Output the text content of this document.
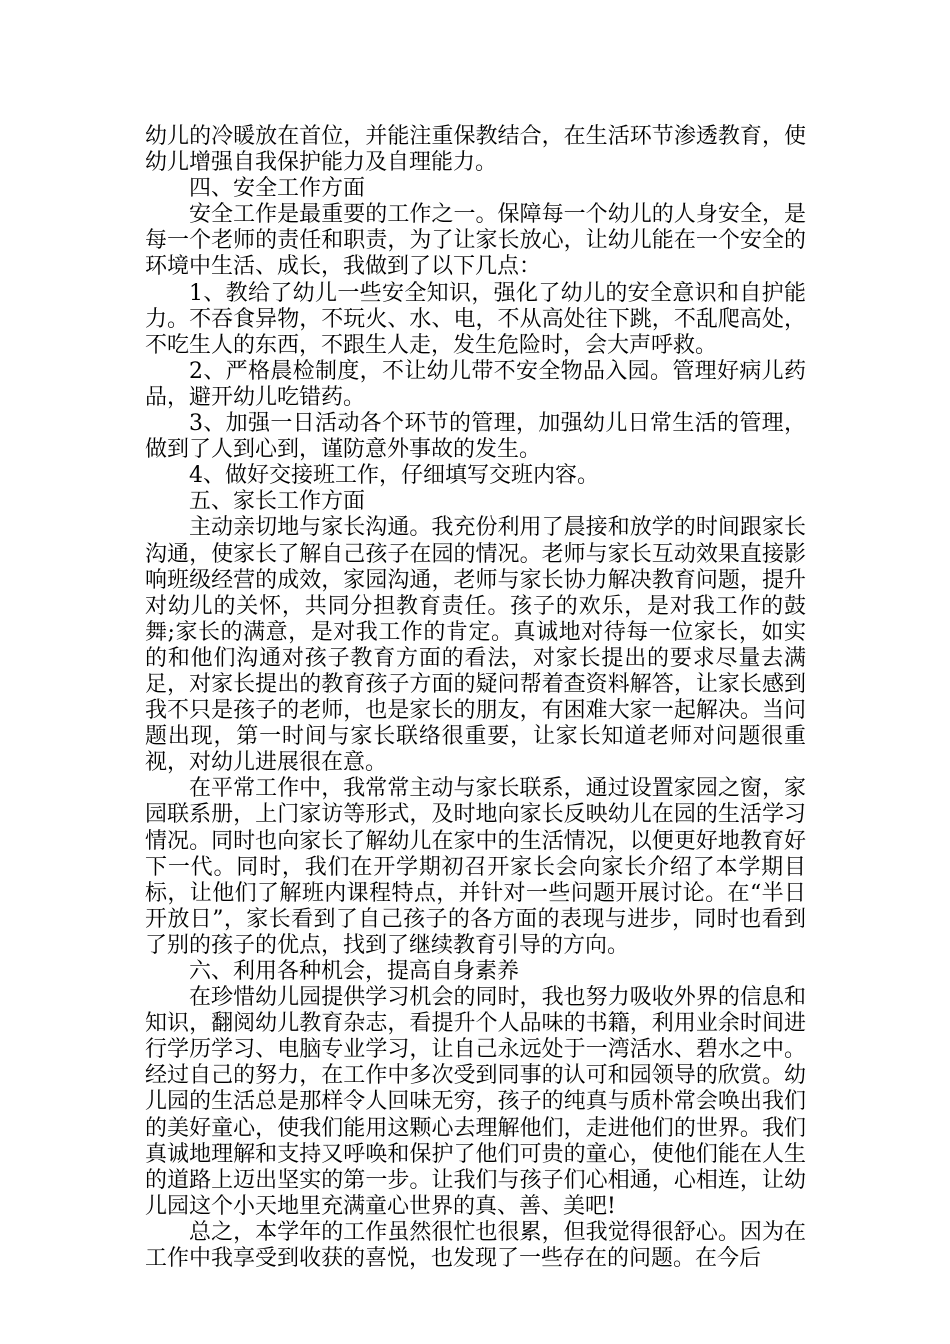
幼儿的冷暖放在首位，并能注重保教结合，在生活环节渗透教育，使幼儿增强自我保护能力及自理能力。

四、安全工作方面

安全工作是最重要的工作之一。保障每一个幼儿的人身安全，是每一个老师的责任和职责，为了让家长放心，让幼儿能在一个安全的环境中生活、成长，我做到了以下几点：

1、教给了幼儿一些安全知识，强化了幼儿的安全意识和自护能力。不吞食异物，不玩火、水、电，不从高处往下跳，不乱爬高处，不吃生人的东西，不跟生人走，发生危险时，会大声呼救。

2、严格晨检制度，不让幼儿带不安全物品入园。管理好病儿药品，避开幼儿吃错药。

3、加强一日活动各个环节的管理，加强幼儿日常生活的管理，做到了人到心到，谨防意外事故的发生。

4、做好交接班工作，仔细填写交班内容。

五、家长工作方面

主动亲切地与家长沟通。我充份利用了晨接和放学的时间跟家长沟通，使家长了解自己孩子在园的情况。老师与家长互动效果直接影响班级经营的成效，家园沟通，老师与家长协力解决教育问题，提升对幼儿的关怀，共同分担教育责任。孩子的欢乐，是对我工作的鼓舞;家长的满意，是对我工作的肯定。真诚地对待每一位家长，如实的和他们沟通对孩子教育方面的看法，对家长提出的要求尽量去满足，对家长提出的教育孩子方面的疑问帮着查资料解答，让家长感到我不只是孩子的老师，也是家长的朋友，有困难大家一起解决。当问题出现，第一时间与家长联络很重要，让家长知道老师对问题很重视，对幼儿进展很在意。

在平常工作中，我常常主动与家长联系，通过设置家园之窗，家园联系册，上门家访等形式，及时地向家长反映幼儿在园的生活学习情况。同时也向家长了解幼儿在家中的生活情况，以便更好地教育好下一代。同时，我们在开学期初召开家长会向家长介绍了本学期目标，让他们了解班内课程特点，并针对一些问题开展讨论。在“半日开放日”，家长看到了自己孩子的各方面的表现与进步，同时也看到了别的孩子的优点，找到了继续教育引导的方向。

六、利用各种机会，提高自身素养

在珍惜幼儿园提供学习机会的同时，我也努力吸收外界的信息和知识，翻阅幼儿教育杂志，看提升个人品味的书籍，利用业余时间进行学历学习、电脑专业学习，让自己永远处于一湾活水、碧水之中。经过自己的努力，在工作中多次受到同事的认可和园领导的欣赏。幼儿园的生活总是那样令人回味无穷，孩子的纯真与质朴常会唤出我们的美好童心，使我们能用这颗心去理解他们，走进他们的世界。我们真诚地理解和支持又呼唤和保护了他们可贵的童心，使他们能在人生的道路上迈出坚实的第一步。让我们与孩子们心相通，心相连，让幼儿园这个小天地里充满童心世界的真、善、美吧!

总之，本学年的工作虽然很忙也很累，但我觉得很舒心。因为在工作中我享受到收获的喜悦，也发现了一些存在的问题。在今后
